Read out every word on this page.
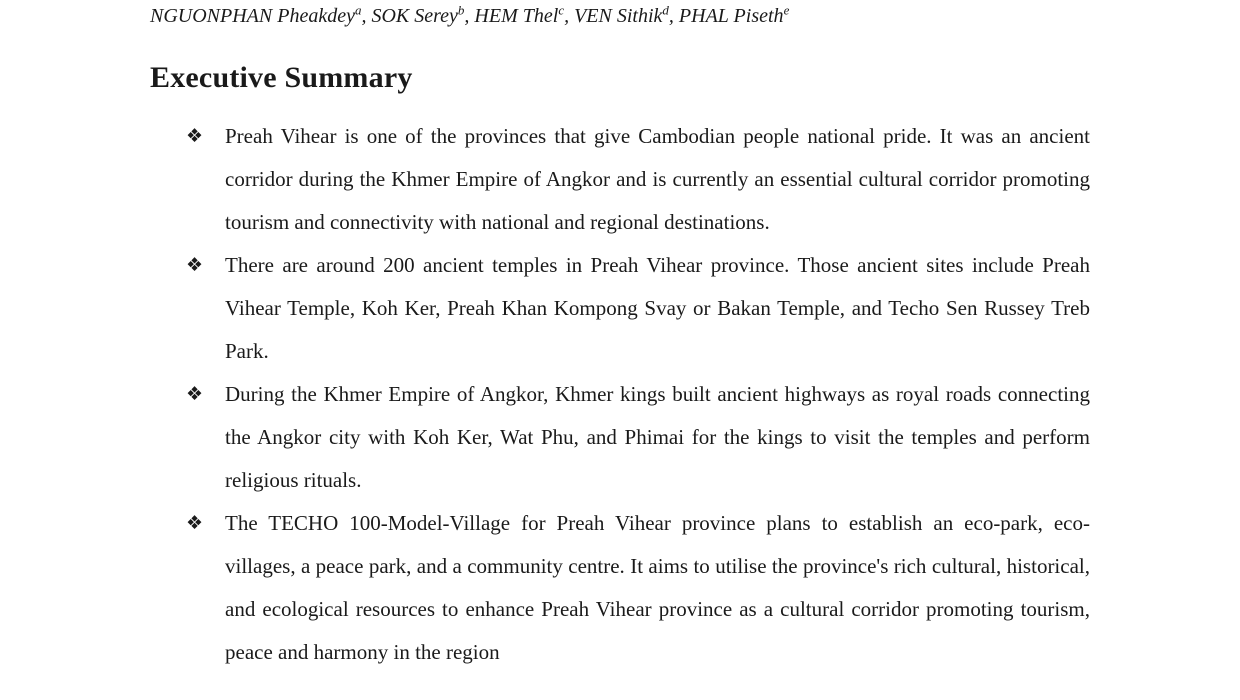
NGUONPHAN Pheakdey$^a$, SOK Serey$^b$, HEM Thel$^c$, VEN Sithik$^d$, PHAL Piseth$^e$
Executive Summary
❖ Preah Vihear is one of the provinces that give Cambodian people national pride. It was an ancient corridor during the Khmer Empire of Angkor and is currently an essential cultural corridor promoting tourism and connectivity with national and regional destinations.
❖ There are around 200 ancient temples in Preah Vihear province. Those ancient sites include Preah Vihear Temple, Koh Ker, Preah Khan Kompong Svay or Bakan Temple, and Techo Sen Russey Treb Park.
❖ During the Khmer Empire of Angkor, Khmer kings built ancient highways as royal roads connecting the Angkor city with Koh Ker, Wat Phu, and Phimai for the kings to visit the temples and perform religious rituals.
❖ The TECHO 100-Model-Village for Preah Vihear province plans to establish an eco-park, eco-villages, a peace park, and a community centre. It aims to utilise the province's rich cultural, historical, and ecological resources to enhance Preah Vihear province as a cultural corridor promoting tourism, peace and harmony in the region
